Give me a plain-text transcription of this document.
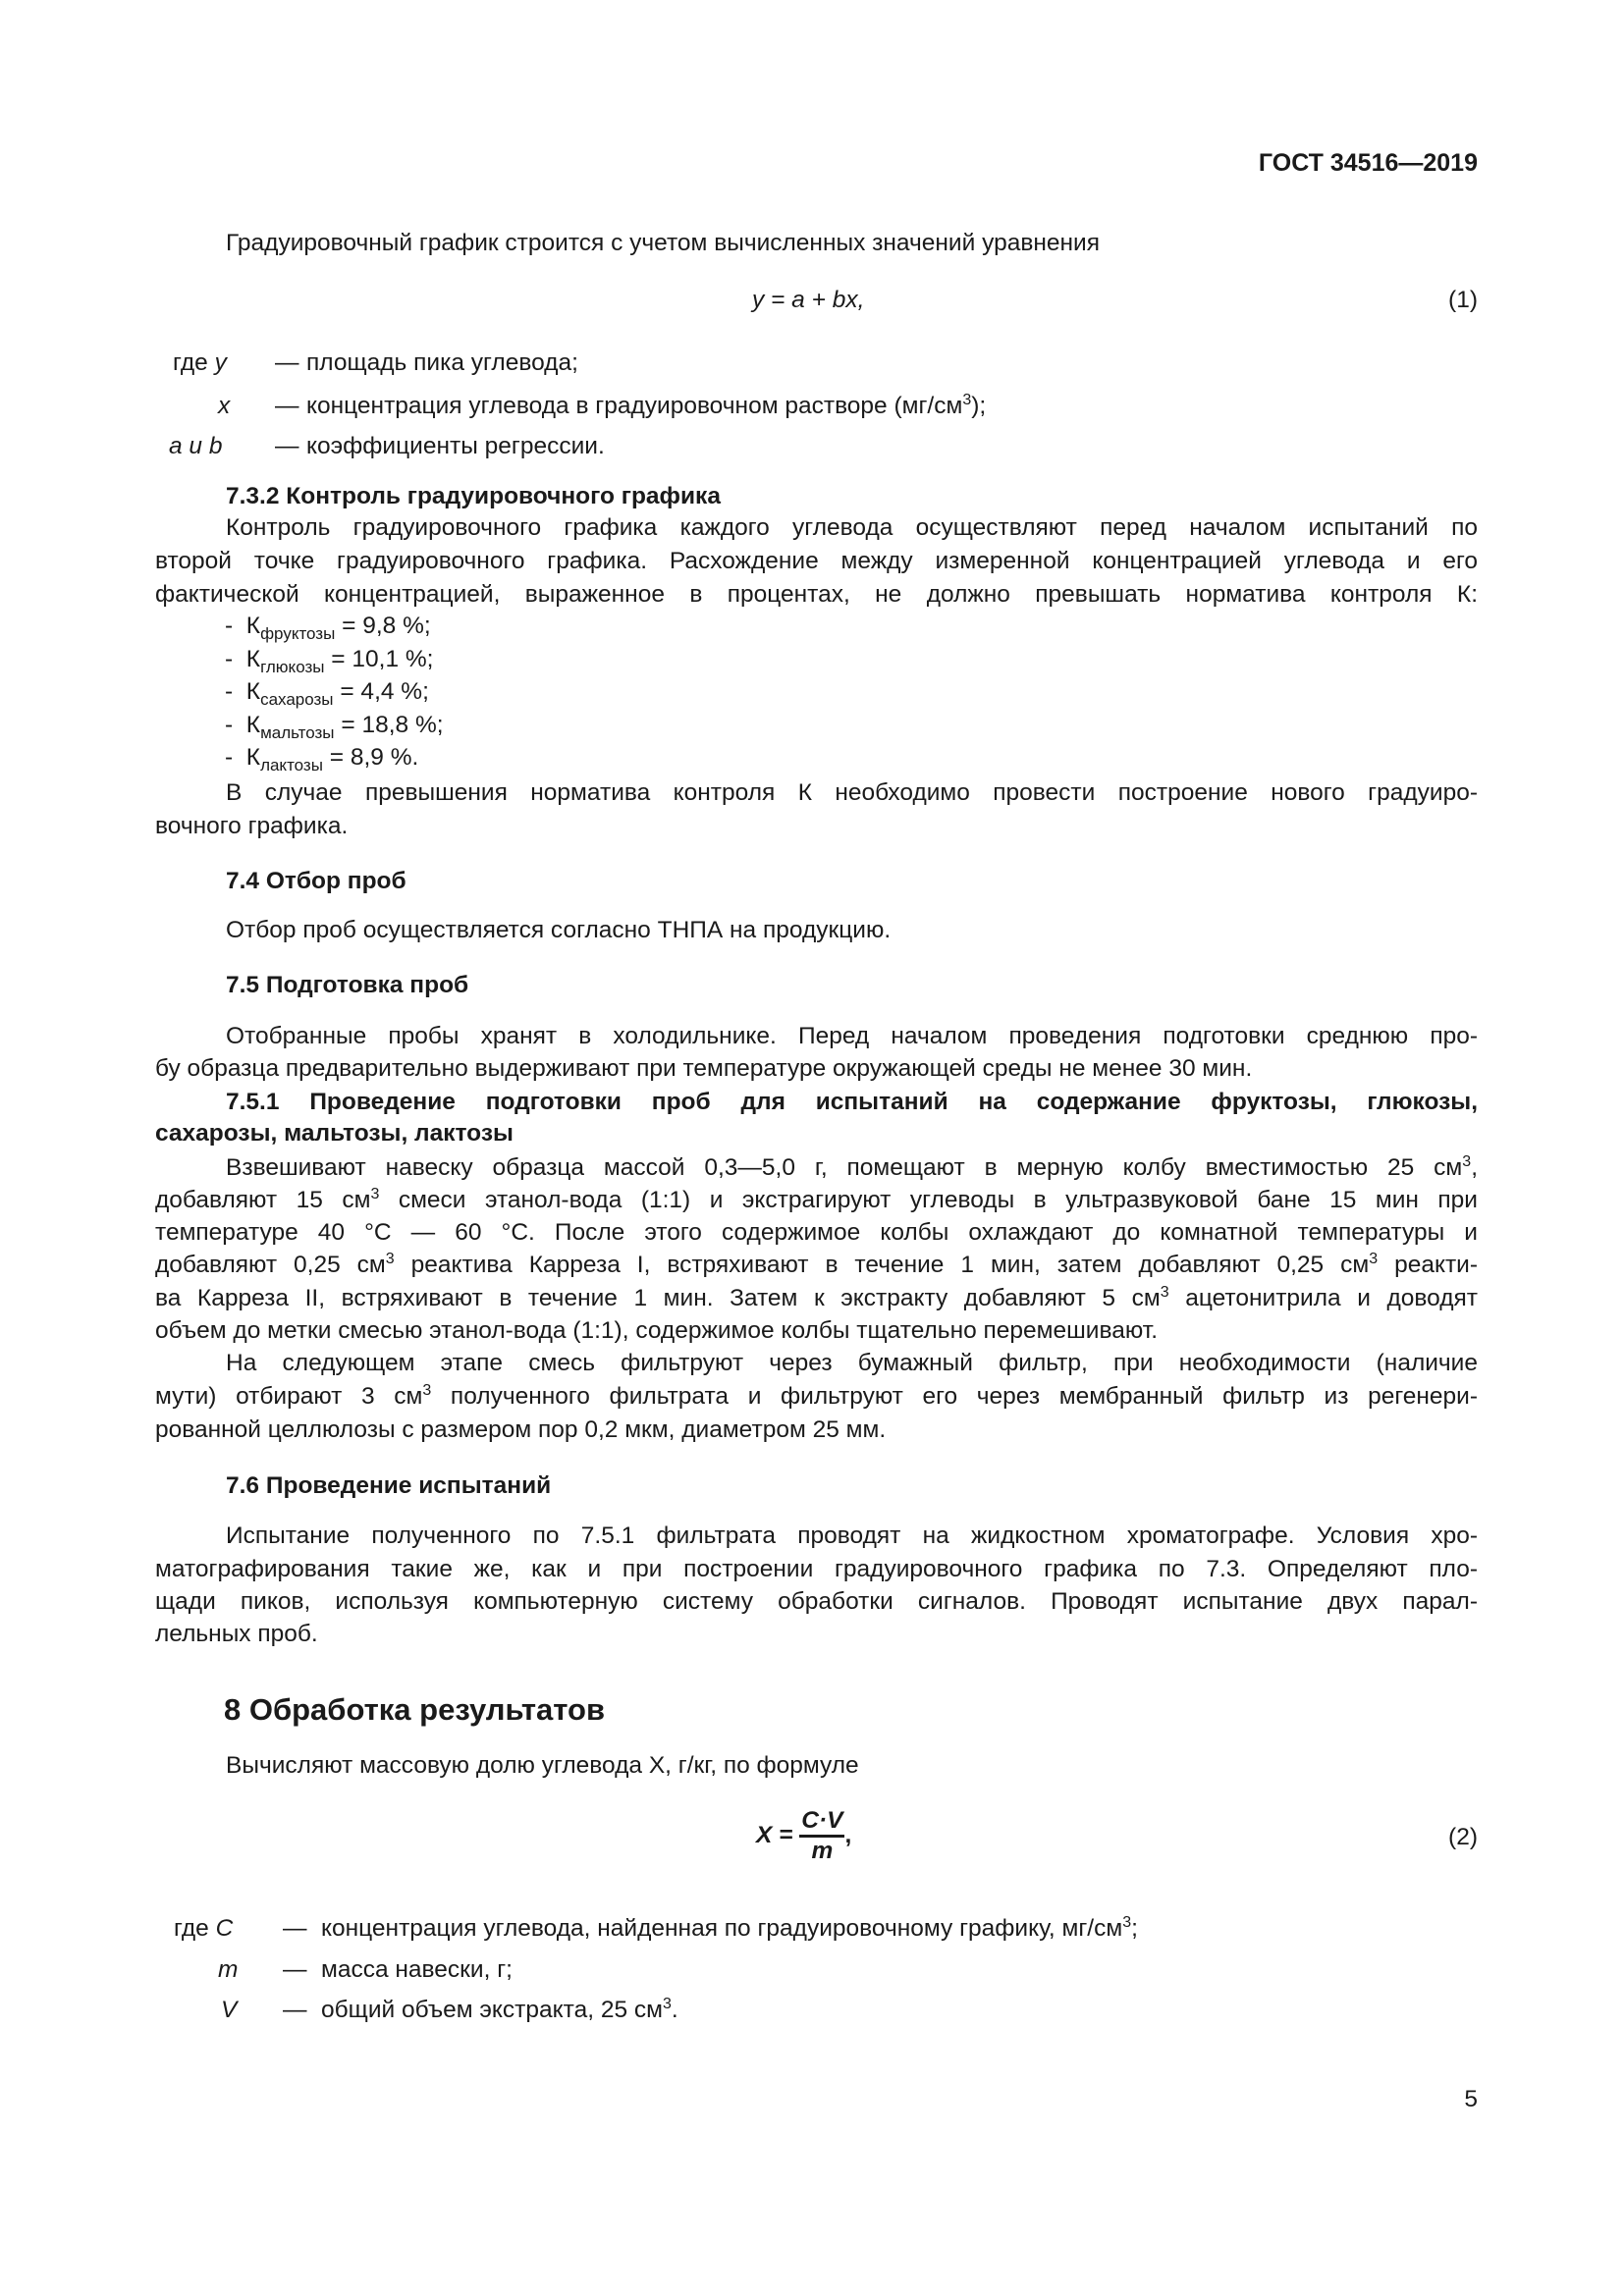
ГОСТ 34516—2019
Градуировочный график строится с учетом вычисленных значений уравнения
y = a + bx,	(1)
где y — площадь пика углевода;
x — концентрация углевода в градуировочном растворе $(мг/см^3)$;
a и b — коэффициенты регрессии.
7.3.2 Контроль градуировочного графика
Контроль градуировочного графика каждого углевода осуществляют перед началом испытаний по
второй точке градуировочного графика. Расхождение между измеренной концентрацией углевода и его
фактической концентрацией, выраженное в процентах, не должно превышать норматива контроля К:
-  $К_{фруктозы} = 9,8$ %;
-  $К_{глюкозы} = 10,1$ %;
-  $К_{сахарозы} = 4,4$ %;
-  $К_{мальтозы} = 18,8$ %;
-  $К_{лактозы} = 8,9$ %.
В случае превышения норматива контроля К необходимо провести построение нового градуиро-
вочного графика.
7.4 Отбор проб
Отбор проб осуществляется согласно ТНПА на продукцию.
7.5 Подготовка проб
Отобранные пробы хранят в холодильнике. Перед началом проведения подготовки среднюю про-
бу образца предварительно выдерживают при температуре окружающей среды не менее 30 мин.
7.5.1 Проведение подготовки проб для испытаний на содержание фруктозы, глюкозы,
сахарозы, мальтозы, лактозы
Взвешивают навеску образца массой 0,3—5,0 г, помещают в мерную колбу вместимостью 25 $см^3$,
добавляют 15 $см^3$ смеси этанол-вода (1:1) и экстрагируют углеводы в ультразвуковой бане 15 мин при
температуре 40 °С — 60 °С. После этого содержимое колбы охлаждают до комнатной температуры и
добавляют 0,25 $см^3$ реактива Карреза I, встряхивают в течение 1 мин, затем добавляют 0,25 $см^3$ реакти-
ва Карреза II, встряхивают в течение 1 мин. Затем к экстракту добавляют 5 $см^3$ ацетонитрила и доводят
объем до метки смесью этанол-вода (1:1), содержимое колбы тщательно перемешивают.
На следующем этапе смесь фильтруют через бумажный фильтр, при необходимости (наличие
мути) отбирают 3 $см^3$ полученного фильтрата и фильтруют его через мембранный фильтр из регенери-
рованной целлюлозы с размером пор 0,2 мкм, диаметром 25 мм.
7.6 Проведение испытаний
Испытание полученного по 7.5.1 фильтрата проводят на жидкостном хроматографе. Условия хро-
матографирования такие же, как и при построении градуировочного графика по 7.3. Определяют пло-
щади пиков, используя компьютерную систему обработки сигналов. Проводят испытание двух парал-
лельных проб.
8 Обработка результатов
Вычисляют массовую долю углевода X, г/кг, по формуле
$X = \frac{C\cdot V}{m}$ ,	(2)
где C — концентрация углевода, найденная по градуировочному графику, $мг/см^3$;
m — масса навески, г;
V — общий объем экстракта, 25 $см^3$.
5
